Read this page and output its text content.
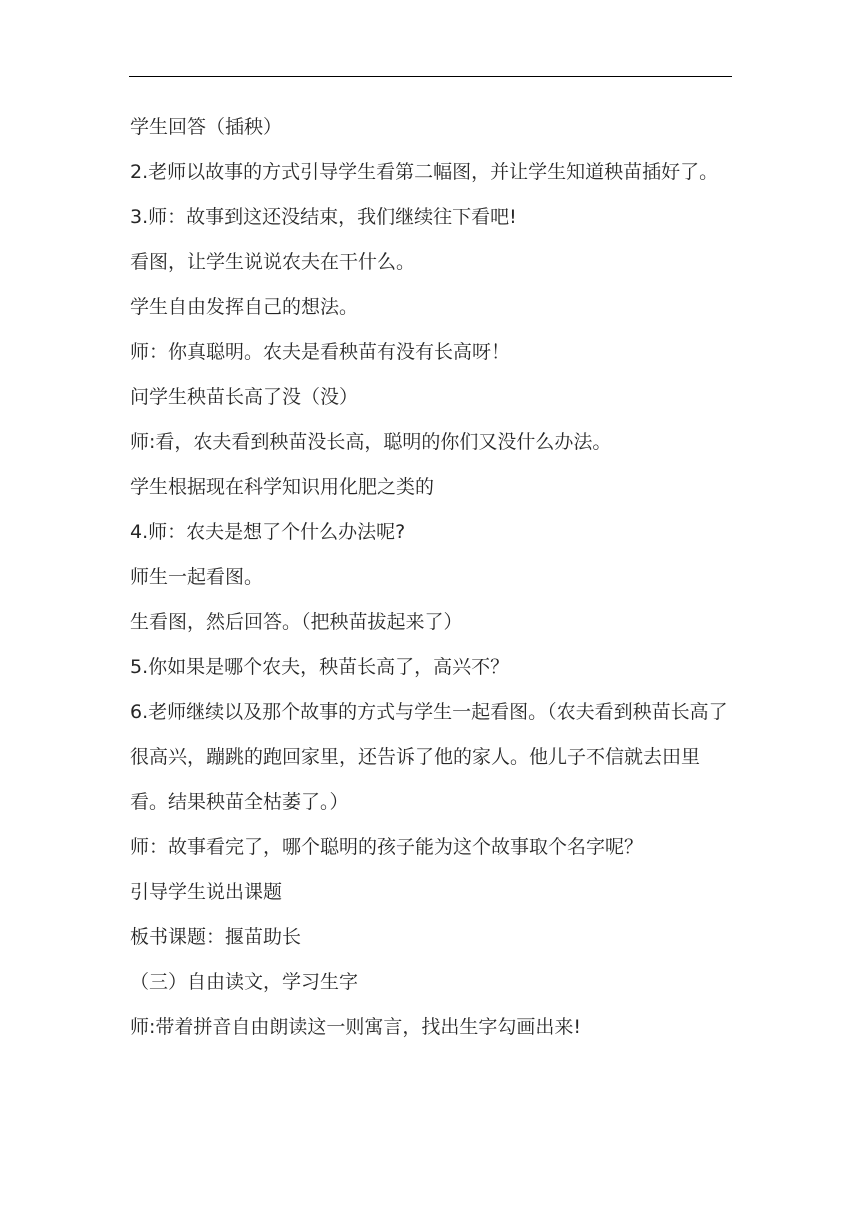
学生回答（插秧）

2.老师以故事的方式引导学生看第二幅图，并让学生知道秧苗插好了。

3.师：故事到这还没结束，我们继续往下看吧!

看图，让学生说说农夫在干什么。

学生自由发挥自己的想法。

师：你真聪明。农夫是看秧苗有没有长高呀！

问学生秧苗长高了没（没）

师:看，农夫看到秧苗没长高，聪明的你们又没什么办法。

学生根据现在科学知识用化肥之类的

4.师：农夫是想了个什么办法呢?

师生一起看图。

生看图，然后回答。（把秧苗拔起来了）

5.你如果是哪个农夫，秧苗长高了，高兴不？

6.老师继续以及那个故事的方式与学生一起看图。（农夫看到秧苗长高了很高兴，蹦跳的跑回家里，还告诉了他的家人。他儿子不信就去田里看。结果秧苗全枯萎了。）

师：故事看完了，哪个聪明的孩子能为这个故事取个名字呢？

引导学生说出课题

板书课题：揠苗助长

（三）自由读文，学习生字

师:带着拼音自由朗读这一则寓言，找出生字勾画出来!
